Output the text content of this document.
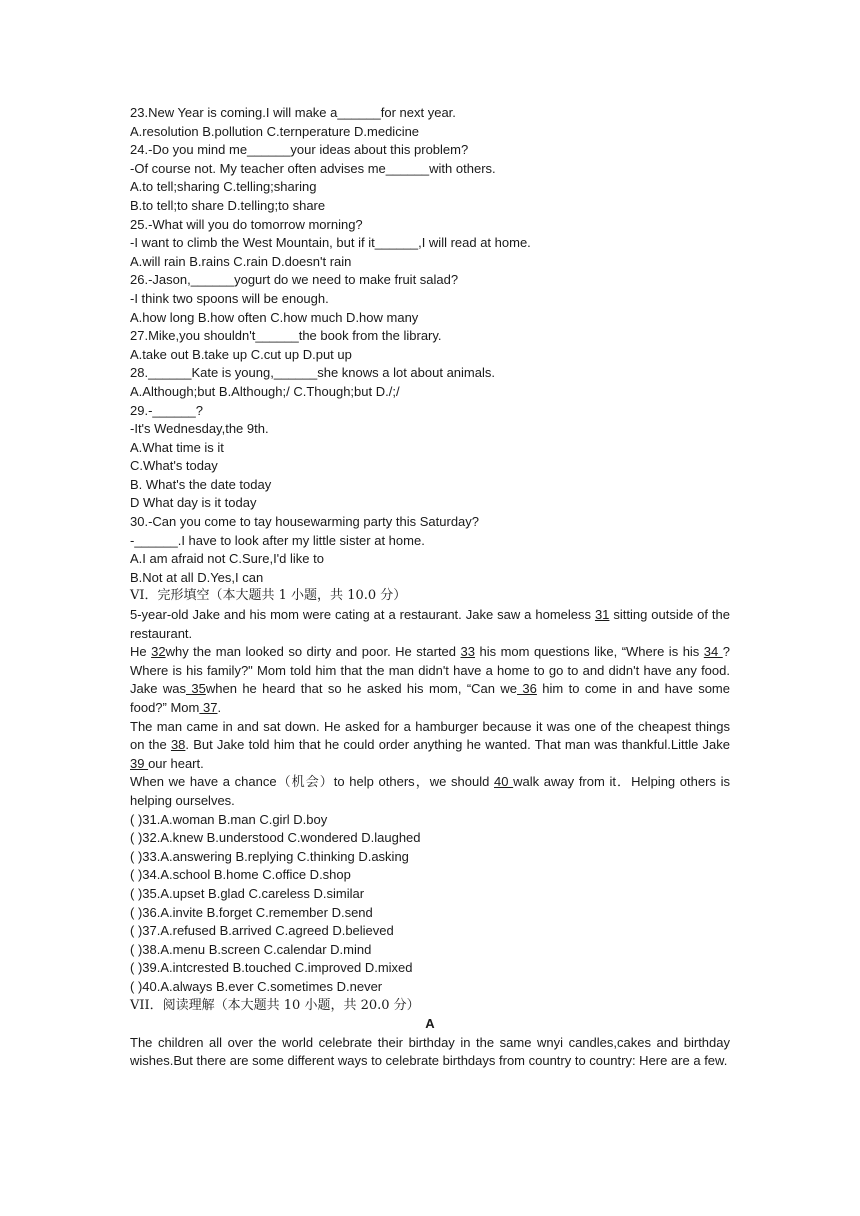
23.New Year is coming.I will make a______for next year.
A.resolution B.pollution C.ternperature D.medicine
24.-Do you mind me______your ideas about this problem?
-Of course not. My teacher often advises me______with others.
A.to tell;sharing C.telling;sharing
B.to tell;to share D.telling;to share
25.-What will you do tomorrow morning?
-I want to climb the West Mountain, but if it______,I will read at home.
A.will rain B.rains C.rain D.doesn't rain
26.-Jason,______yogurt do we need to make fruit salad?
-I think two spoons will be enough.
A.how long B.how often C.how much D.how many
27.Mike,you shouldn't______the book from the library.
A.take out B.take up C.cut up D.put up
28.______Kate is young,______she knows a lot about animals.
A.Although;but B.Although;/ C.Though;but D./;/
29.-______?
-It's Wednesday,the 9th.
A.What time is it
C.What's today
B. What's the date today
D What day is it today
30.-Can you come to tay housewarming party this Saturday?
-______.I have to look after my little sister at home.
A.I am afraid not C.Sure,I'd like to
B.Not at all D.Yes,I can
VI．完形填空（本大题共 1 小题，共 10.0 分）
5-year-old Jake and his mom were cating at a restaurant. Jake saw a homeless 31 sitting outside of the restaurant.
He 32why the man looked so dirty and poor. He started 33 his mom questions like, “Where is his 34 ?Where is his family?" Mom told him that the man didn't have a home to go to and didn't have any food. Jake was 35when he heard that so he asked his mom, “Can we 36 him to come in and have some food?” Mom 37.
The man came in and sat down. He asked for a hamburger because it was one of the cheapest things on the 38. But Jake told him that he could order anything he wanted. That man was thankful.Little Jake 39 our heart.
When we have a chance（机会）to help others，we should 40 walk away from it．Helping others is helping ourselves.
( )31.A.woman B.man C.girl D.boy
( )32.A.knew B.understood C.wondered D.laughed
( )33.A.answering B.replying C.thinking D.asking
( )34.A.school B.home C.office D.shop
( )35.A.upset B.glad C.careless D.similar
( )36.A.invite B.forget C.remember D.send
( )37.A.refused B.arrived C.agreed D.believed
( )38.A.menu B.screen C.calendar D.mind
( )39.A.intcrested B.touched C.improved D.mixed
( )40.A.always B.ever C.sometimes D.never
VII．阅读理解（本大题共 10 小题，共 20.0 分）
A
The children all over the world celebrate their birthday in the same wnyi candles,cakes and birthday wishes.But there are some different ways to celebrate birthdays from country to country: Here are a few.
